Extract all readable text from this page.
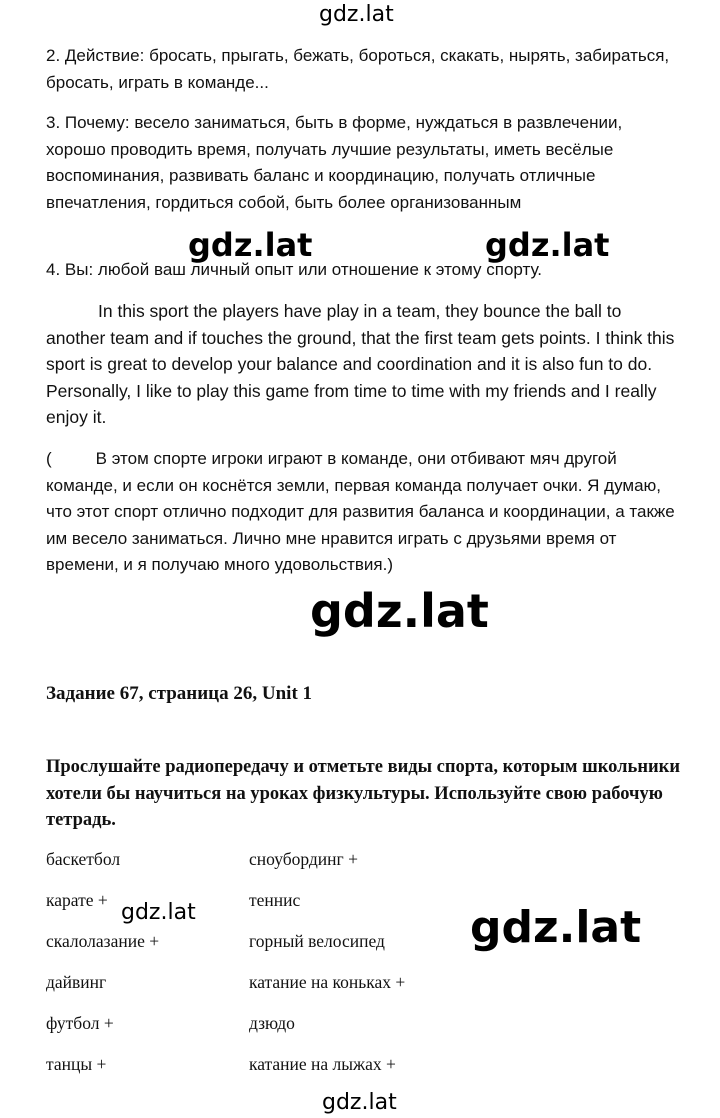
gdz.lat

2. Действие: бросать, прыгать, бежать, бороться, скакать, нырять, забираться, бросать, играть в команде...

3. Почему: весело заниматься, быть в форме, нуждаться в развлечении, хорошо проводить время, получать лучшие результаты, иметь весёлые воспоминания, развивать баланс и координацию, получать отличные впечатления, гордиться собой, быть более организованным

gdz.lat	gdz.lat

4. Вы: любой ваш личный опыт или отношение к этому спорту.

In this sport the players have play in a team, they bounce the ball to another team and if touches the ground, that the first team gets points. I think this sport is great to develop your balance and coordination and it is also fun to do. Personally, I like to play this game from time to time with my friends and I really enjoy it.

(	В этом спорте игроки играют в команде, они отбивают мяч другой команде, и если он коснётся земли, первая команда получает очки. Я думаю, что этот спорт отлично подходит для развития баланса и координации, а также им весело заниматься. Лично мне нравится играть с друзьями время от времени, и я получаю много удовольствия.)

gdz.lat
Задание 67, страница 26, Unit 1

Прослушайте радиопередачу и отметьте виды спорта, которым школьники хотели бы научиться на уроках физкультуры. Используйте свою рабочую тетрадь.

баскетбол	сноубординг +
карате +	теннис
скалолазание +	горный велосипед
дайвинг	катание на коньках +
футбол +	дзюдо
танцы +	катание на лыжах +
gdz.lat	gdz.lat
gdz.lat
